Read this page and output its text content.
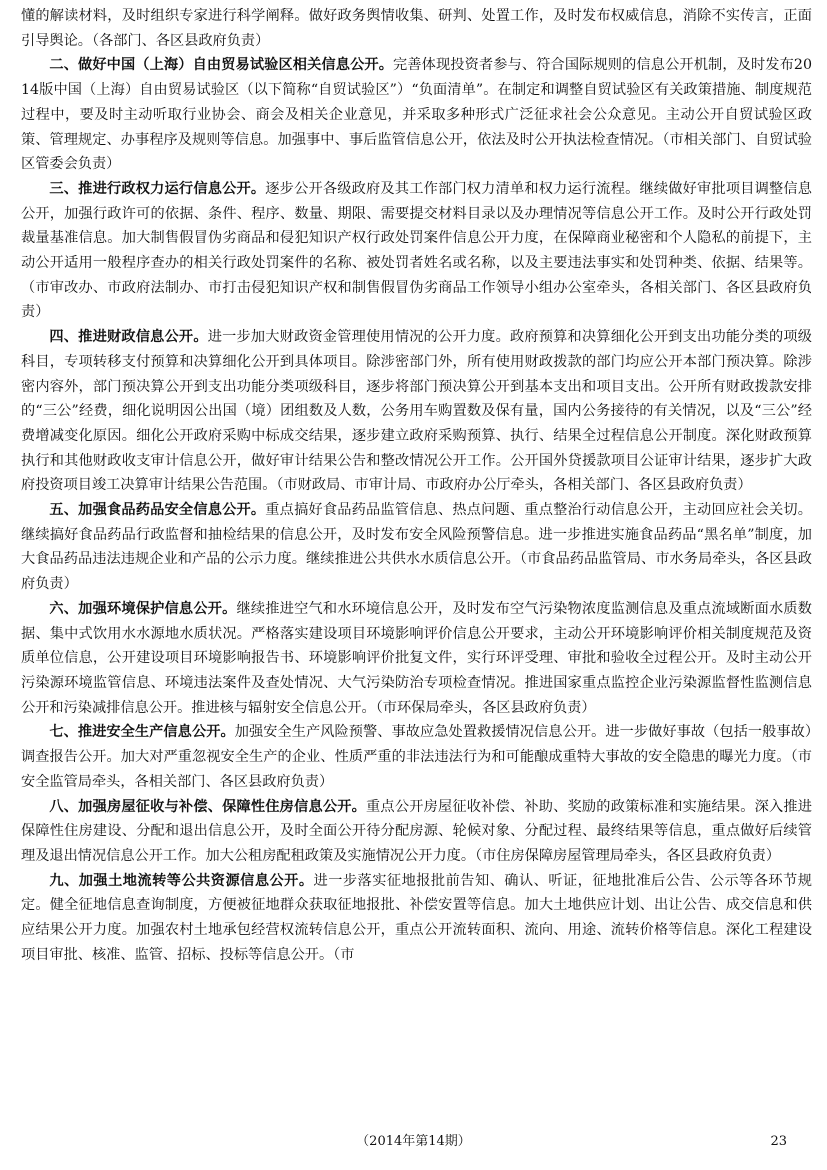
懂的解读材料，及时组织专家进行科学阐释。做好政务舆情收集、研判、处置工作，及时发布权威信息，消除不实传言，正面引导舆论。（各部门、各区县政府负责）

二、做好中国（上海）自由贸易试验区相关信息公开。完善体现投资者参与、符合国际规则的信息公开机制，及时发布2014版中国（上海）自由贸易试验区（以下简称“自贸试验区”）“负面清单”。在制定和调整自贸试验区有关政策措施、制度规范过程中，要及时主动听取行业协会、商会及相关企业意见，并采取多种形式广泛征求社会公众意见。主动公开自贸试验区政策、管理规定、办事程序及规则等信息。加强事中、事后监管信息公开，依法及时公开执法检查情况。（市相关部门、自贸试验区管委会负责）

三、推进行政权力运行信息公开。逐步公开各级政府及其工作部门权力清单和权力运行流程。继续做好审批项目调整信息公开，加强行政许可的依据、条件、程序、数量、期限、需要提交材料目录以及办理情况等信息公开工作。及时公开行政处罚裁量基准信息。加大制售假冒伪劣商品和侵犯知识产权行政处罚案件信息公开力度，在保障商业秘密和个人隐私的前提下，主动公开适用一般程序查办的相关行政处罚案件的名称、被处罚者姓名或名称，以及主要违法事实和处罚种类、依据、结果等。（市审改办、市政府法制办、市打击侵犯知识产权和制售假冒伪劣商品工作领导小组办公室牵头，各相关部门、各区县政府负责）

四、推进财政信息公开。进一步加大财政资金管理使用情况的公开力度。政府预算和决算细化公开到支出功能分类的项级科目，专项转移支付预算和决算细化公开到具体项目。除涉密部门外，所有使用财政拨款的部门均应公开本部门预决算。除涉密内容外，部门预决算公开到支出功能分类项级科目，逐步将部门预决算公开到基本支出和项目支出。公开所有财政拨款安排的“三公”经费，细化说明因公出国（境）团组数及人数，公务用车购置数及保有量，国内公务接待的有关情况，以及“三公”经费增减变化原因。细化公开政府采购中标成交结果，逐步建立政府采购预算、执行、结果全过程信息公开制度。深化财政预算执行和其他财政收支审计信息公开，做好审计结果公告和整改情况公开工作。公开国外贷援款项目公证审计结果，逐步扩大政府投资项目竣工决算审计结果公告范围。（市财政局、市审计局、市政府办公厅牵头，各相关部门、各区县政府负责）

五、加强食品药品安全信息公开。重点搞好食品药品监管信息、热点问题、重点整治行动信息公开，主动回应社会关切。继续搞好食品药品行政监督和抽检结果的信息公开，及时发布安全风险预警信息。进一步推进实施食品药品“黑名单”制度，加大食品药品违法违规企业和产品的公示力度。继续推进公共供水水质信息公开。（市食品药品监管局、市水务局牵头，各区县政府负责）

六、加强环境保护信息公开。继续推进空气和水环境信息公开，及时发布空气污染物浓度监测信息及重点流域断面水质数据、集中式饮用水水源地水质状况。严格落实建设项目环境影响评价信息公开要求，主动公开环境影响评价相关制度规范及资质单位信息，公开建设项目环境影响报告书、环境影响评价批复文件，实行环评受理、审批和验收全过程公开。及时主动公开污染源环境监管信息、环境违法案件及查处情况、大气污染防治专项检查情况。推进国家重点监控企业污染源监督性监测信息公开和污染减排信息公开。推进核与辐射安全信息公开。（市环保局牵头，各区县政府负责）

七、推进安全生产信息公开。加强安全生产风险预警、事故应急处置救援情况信息公开。进一步做好事故（包括一般事故）调查报告公开。加大对严重忽视安全生产的企业、性质严重的非法违法行为和可能酿成重特大事故的安全隐患的曝光力度。（市安全监管局牵头，各相关部门、各区县政府负责）

八、加强房屋征收与补偿、保障性住房信息公开。重点公开房屋征收补偿、补助、奖励的政策标准和实施结果。深入推进保障性住房建设、分配和退出信息公开，及时全面公开待分配房源、轮候对象、分配过程、最终结果等信息，重点做好后续管理及退出情况信息公开工作。加大公租房配租政策及实施情况公开力度。（市住房保障房屋管理局牵头，各区县政府负责）

九、加强土地流转等公共资源信息公开。进一步落实征地报批前告知、确认、听证，征地批准后公告、公示等各环节规定。健全征地信息查询制度，方便被征地群众获取征地报批、补偿安置等信息。加大土地供应计划、出让公告、成交信息和供应结果公开力度。加强农村土地承包经营权流转信息公开，重点公开流转面积、流向、用途、流转价格等信息。深化工程建设项目审批、核准、监管、招标、投标等信息公开。（市

（2014年第14期）	23
